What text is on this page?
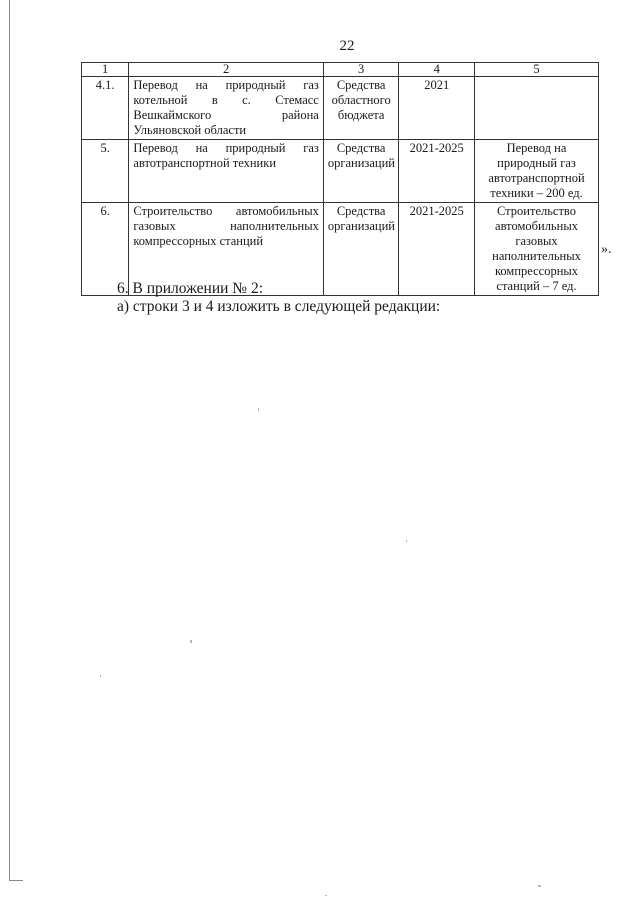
22
1	2	3	4	5
4.1.	Перевод на природный газ котельной в с. Стемасс Вешкаймского района Ульяновской области	Средства областного бюджета	2021	
5.	Перевод на природный газ автотранспортной техники	Средства организаций	2021-2025	Перевод на природный газ автотранспортной техники – 200 ед.
6.	Строительство автомобильных газовых наполнительных компрессорных станций	Средства организаций	2021-2025	Строительство автомобильных газовых наполнительных компрессорных станций – 7 ед.
».
6. В приложении № 2:
а) строки 3 и 4 изложить в следующей редакции:
